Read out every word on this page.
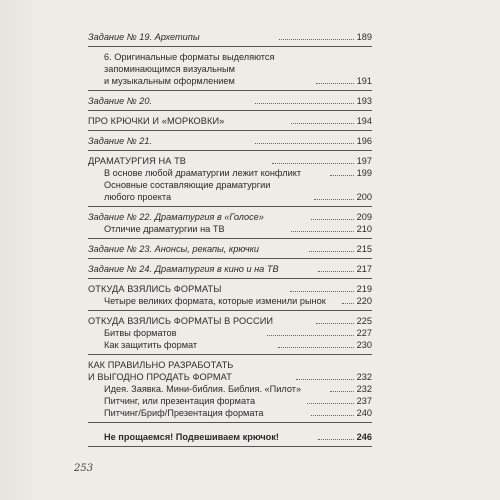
Задание № 19. Архетипы	189
6. Оригинальные форматы выделяются
запоминающимся визуальным
и музыкальным оформлением	191
Задание № 20.	193
ПРО КРЮЧКИ И «МОРКОВКИ»	194
Задание № 21.	196
ДРАМАТУРГИЯ НА ТВ	197
В основе любой драматургии лежит конфликт	199
Основные составляющие драматургии
любого проекта	200
Задание № 22. Драматургия в «Голосе»	209
Отличие драматургии на ТВ	210
Задание № 23. Анонсы, рекапы, крючки	215
Задание № 24. Драматургия в кино и на ТВ	217
ОТКУДА ВЗЯЛИСЬ ФОРМАТЫ	219
Четыре великих формата, которые изменили рынок	220
ОТКУДА ВЗЯЛИСЬ ФОРМАТЫ В РОССИИ	225
Битвы форматов	227
Как защитить формат	230
КАК ПРАВИЛЬНО РАЗРАБОТАТЬ
И ВЫГОДНО ПРОДАТЬ ФОРМАТ	232
Идея. Заявка. Мини-библия. Библия. «Пилот»	232
Питчинг, или презентация формата	237
Питчинг/Бриф/Презентация формата	240
Не прощаемся! Подвешиваем крючок!	246
253
